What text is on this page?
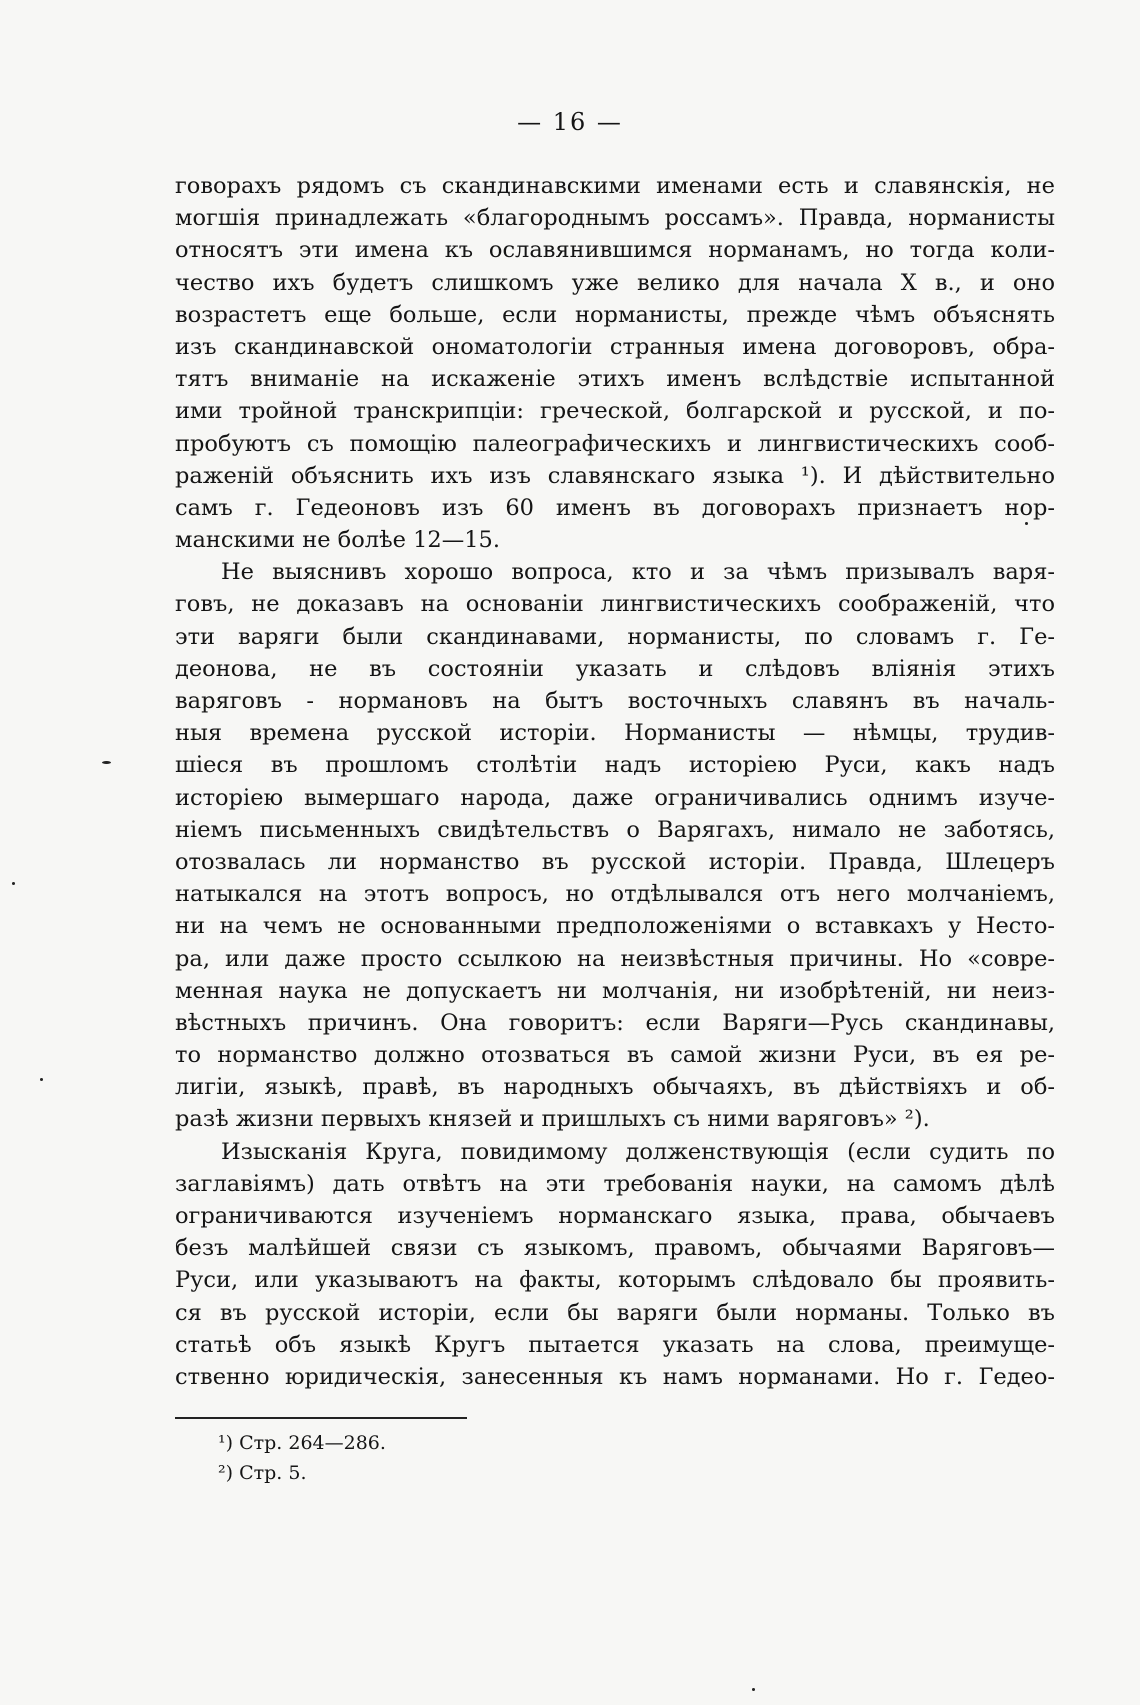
— 16 —
говорахъ рядомъ съ скандинавскими именами есть и славянскія, не
могшія принадлежать «благороднымъ россамъ». Правда, норманисты
относятъ эти имена къ ославянившимся норманамъ, но тогда коли-
чество ихъ будетъ слишкомъ уже велико для начала X в., и оно
возрастетъ еще больше, если норманисты, прежде чѣмъ объяснять
изъ скандинавской ономатологіи странныя имена договоровъ, обра-
тятъ вниманіе на искаженіе этихъ именъ вслѣдствіе испытанной
ими тройной транскрипціи: греческой, болгарской и русской, и по-
пробуютъ съ помощію палеографическихъ и лингвистическихъ сооб-
раженій объяснить ихъ изъ славянскаго языка ¹). И дѣйствительно
самъ г. Гедеоновъ изъ 60 именъ въ договорахъ признаетъ нор-
манскими не болѣе 12—15.
Не выяснивъ хорошо вопроса, кто и за чѣмъ призывалъ варя-
говъ, не доказавъ на основаніи лингвистическихъ соображеній, что
эти варяги были скандинавами, норманисты, по словамъ г. Ге-
деонова, не въ состояніи указать и слѣдовъ вліянія этихъ
варяговъ - нормановъ на бытъ восточныхъ славянъ въ началь-
ныя времена русской исторіи. Норманисты — нѣмцы, трудив-
шіеся въ прошломъ столѣтіи надъ исторіею Руси, какъ надъ
исторіею вымершаго народа, даже ограничивались однимъ изуче-
ніемъ письменныхъ свидѣтельствъ о Варягахъ, нимало не заботясь,
отозвалась ли норманство въ русской исторіи. Правда, Шлецеръ
натыкался на этотъ вопросъ, но отдѣлывался отъ него молчаніемъ,
ни на чемъ не основанными предположеніями о вставкахъ у Несто-
ра, или даже просто ссылкою на неизвѣстныя причины. Но «совре-
менная наука не допускаетъ ни молчанія, ни изобрѣтеній, ни неиз-
вѣстныхъ причинъ. Она говоритъ: если Варяги—Русь скандинавы,
то норманство должно отозваться въ самой жизни Руси, въ ея ре-
лигіи, языкѣ, правѣ, въ народныхъ обычаяхъ, въ дѣйствіяхъ и об-
разѣ жизни первыхъ князей и пришлыхъ съ ними варяговъ» ²).
Изысканія Круга, повидимому долженствующія (если судить по
заглавіямъ) дать отвѣтъ на эти требованія науки, на самомъ дѣлѣ
ограничиваются изученіемъ норманскаго языка, права, обычаевъ
безъ малѣйшей связи съ языкомъ, правомъ, обычаями Варяговъ—
Руси, или указываютъ на факты, которымъ слѣдовало бы проявить-
ся въ русской исторіи, если бы варяги были норманы. Только въ
статьѣ объ языкѣ Кругъ пытается указать на слова, преимуще-
ственно юридическія, занесенныя къ намъ норманами. Но г. Гедео-
¹) Стр. 264—286.
²) Стр. 5.
